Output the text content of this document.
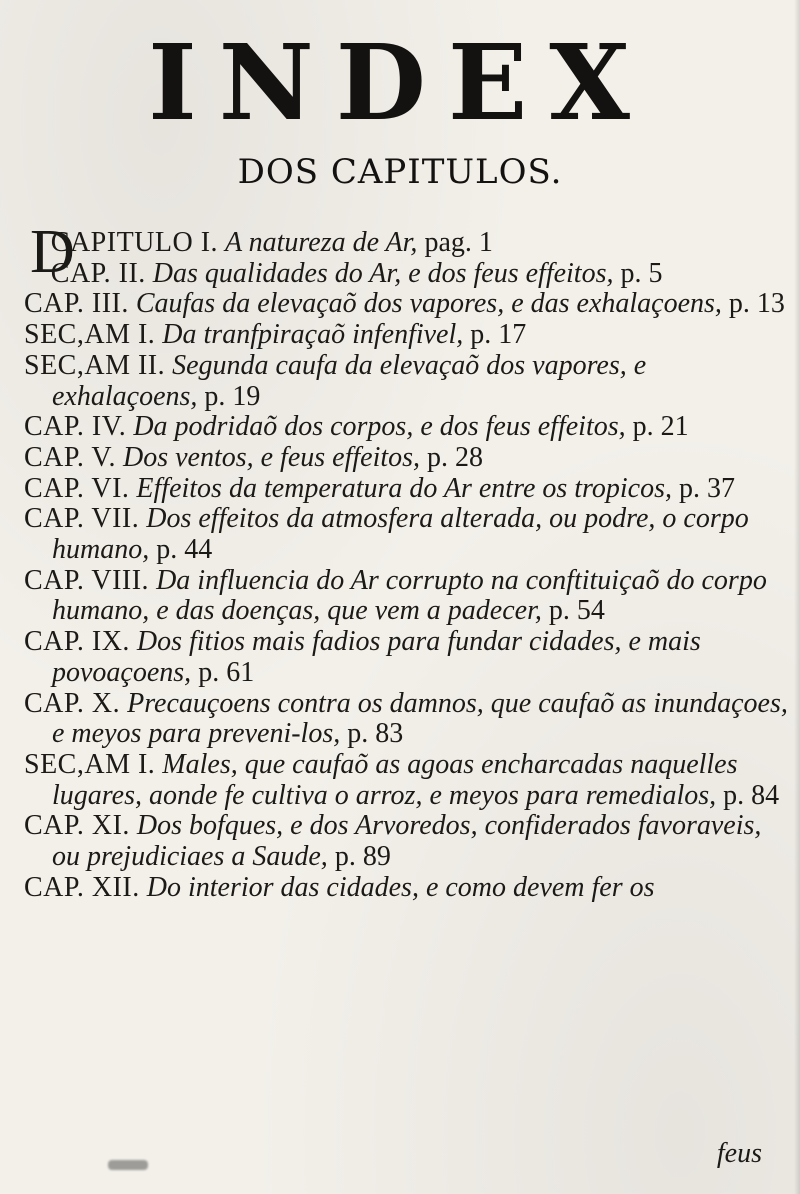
INDEX
DOS CAPITULOS.

CAPITULO I.
D	A natureza de Ar, pag. 1

CAP. II. Das qualidades do Ar, e dos feus effeitos, p. 5

CAP. III. Caufas da elevaçaõ dos vapores, e das exhalaçoens, p. 13

SEC,AM I. Da tranfpiraçaõ infenfivel, p. 17

SEC,AM II. Segunda caufa da elevaçaõ dos vapores, e exhalaçoens, p. 19

CAP. IV. Da podridaõ dos corpos, e dos feus effeitos, p. 21

CAP. V. Dos ventos, e feus effeitos, p. 28

CAP. VI. Effeitos da temperatura do Ar entre os tropicos, p. 37

CAP. VII. Dos effeitos da atmosfera alterada, ou podre, o corpo humano, p. 44

CAP. VIII. Da influencia do Ar corrupto na conftituiçaõ do corpo humano, e das doenças, que vem a padecer, p. 54

CAP. IX. Dos fitios mais fadios para fundar cidades, e mais povoaçoens, p. 61

CAP. X. Precauçoens contra os damnos, que caufaõ as inundaçoes, e meyos para preveni-los, p. 83

SEC,AM I. Males, que caufaõ as agoas encharcadas naquelles lugares, aonde fe cultiva o arroz, e meyos para remedialos, p. 84

CAP. XI. Dos bofques, e dos Arvoredos, confiderados favoraveis, ou prejudiciaes a Saude, p. 89

CAP. XII. Do interior das cidades, e como devem fer os

feus
